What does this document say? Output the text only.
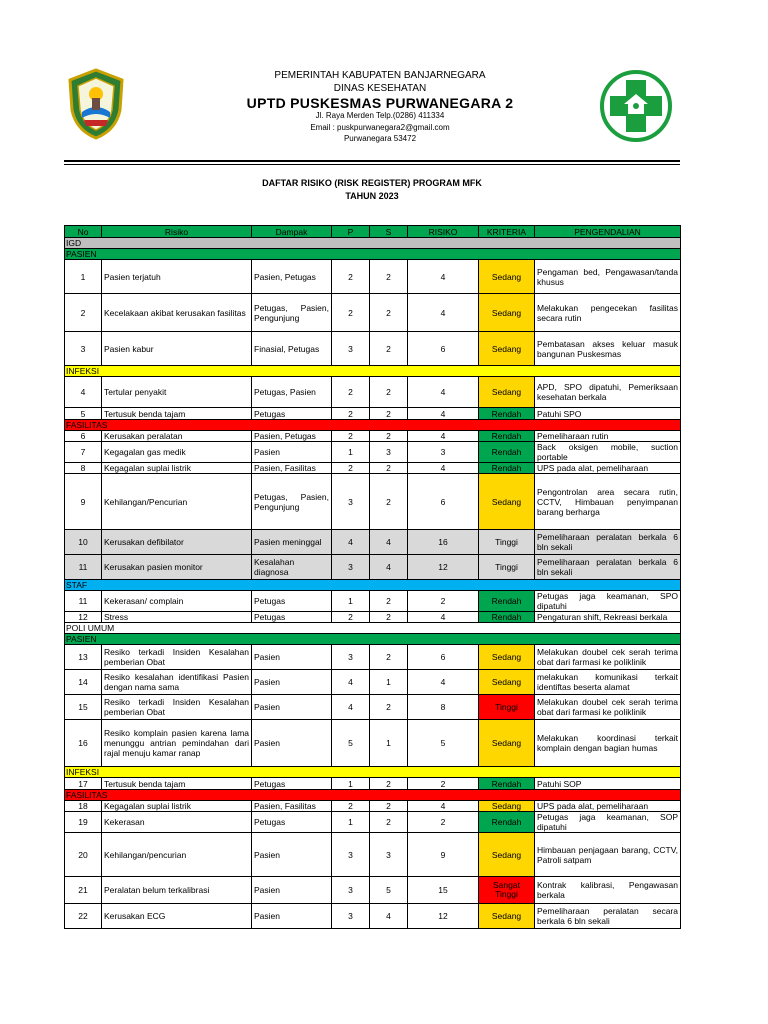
PEMERINTAH KABUPATEN BANJARNEGARA
DINAS KESEHATAN
UPTD PUSKESMAS PURWANEGARA 2
Jl. Raya Merden Telp.(0286) 411334
Email : puskpurwanegara2@gmail.com
Purwanegara 53472
DAFTAR RISIKO (RISK REGISTER) PROGRAM MFK
TAHUN 2023
No	Risiko	Dampak	P	S	RISIKO	KRITERIA	PENGENDALIAN
IGD							
PASIEN							
1	Pasien terjatuh	Pasien, Petugas	2	2	4	Sedang	Pengaman bed, Pengawasan/tanda khusus
2	Kecelakaan akibat kerusakan fasilitas	Petugas, Pasien, Pengunjung	2	2	4	Sedang	Melakukan pengecekan fasilitas secara rutin
3	Pasien kabur	Finasial, Petugas	3	2	6	Sedang	Pembatasan akses keluar masuk bangunan Puskesmas
INFEKSI							
4	Tertular penyakit	Petugas, Pasien	2	2	4	Sedang	APD, SPO dipatuhi, Pemeriksaan kesehatan berkala
5	Tertusuk benda tajam	Petugas	2	2	4	Rendah	Patuhi SPO
FASILITAS							
6	Kerusakan peralatan	Pasien, Petugas	2	2	4	Rendah	Pemeliharaan rutin
7	Kegagalan gas medik	Pasien	1	3	3	Rendah	Back oksigen mobile, suction portable
8	Kegagalan suplai listrik	Pasien, Fasilitas	2	2	4	Rendah	UPS pada alat, pemeliharaan
9	Kehilangan/Pencurian	Petugas, Pasien, Pengunjung	3	2	6	Sedang	Pengontrolan area secara rutin, CCTV, Himbauan penyimpanan barang berharga
10	Kerusakan defibilator	Pasien meninggal	4	4	16	Tinggi	Pemeliharaan peralatan berkala 6 bln sekali
11	Kerusakan pasien monitor	Kesalahan diagnosa	3	4	12	Tinggi	Pemeliharaan peralatan berkala 6 bln sekali
STAF							
11	Kekerasan/ complain	Petugas	1	2	2	Rendah	Petugas jaga keamanan, SPO dipatuhi
12	Stress	Petugas	2	2	4	Rendah	Pengaturan shift, Rekreasi berkala
POLI UMUM							
PASIEN							
13	Resiko terkadi Insiden Kesalahan pemberian Obat	Pasien	3	2	6	Sedang	Melakukan doubel cek serah terima obat dari farmasi ke poliklinik
14	Resiko kesalahan identifikasi Pasien dengan nama sama	Pasien	4	1	4	Sedang	melakukan komunikasi terkait identiftas beserta alamat
15	Resiko terkadi Insiden Kesalahan pemberian Obat	Pasien	4	2	8	Tinggi	Melakukan doubel cek serah terima obat dari farmasi ke poliklinik
16	Resiko komplain pasien karena lama menunggu antrian pemindahan dari rajal menuju kamar ranap	Pasien	5	1	5	Sedang	Melakukan koordinasi terkait komplain dengan bagian humas
INFEKSI							
17	Tertusuk benda tajam	Petugas	1	2	2	Rendah	Patuhi SOP
FASILITAS							
18	Kegagalan suplai listrik	Pasien, Fasilitas	2	2	4	Sedang	UPS pada alat, pemeliharaan
19	Kekerasan	Petugas	1	2	2	Rendah	Petugas jaga keamanan, SOP dipatuhi
20	Kehilangan/pencurian	Pasien	3	3	9	Sedang	Himbauan penjagaan barang, CCTV, Patroli satpam
21	Peralatan belum terkalibrasi	Pasien	3	5	15	Sangat Tinggi	Kontrak kalibrasi, Pengawasan berkala
22	Kerusakan ECG	Pasien	3	4	12	Sedang	Pemeliharaan peralatan secara berkala 6 bln sekali
